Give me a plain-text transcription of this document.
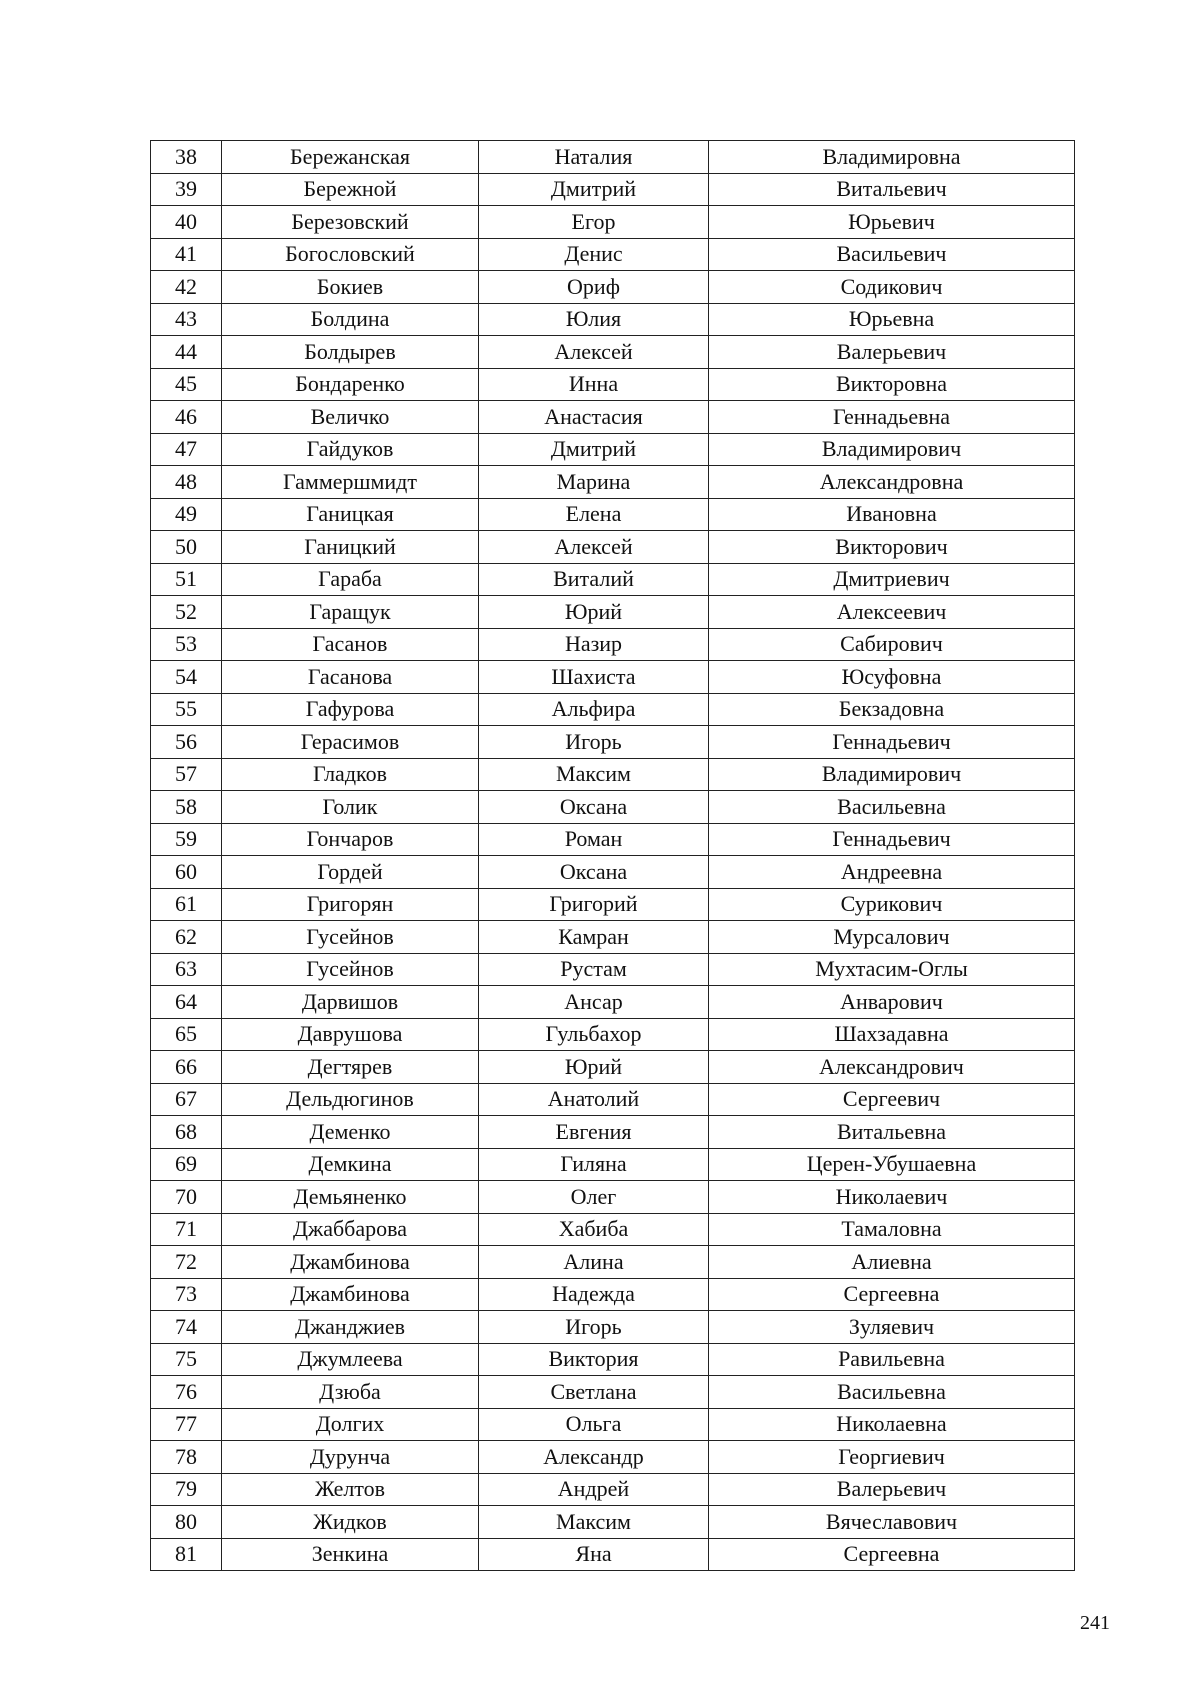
38	Бережанская	Наталия	Владимировна
39	Бережной	Дмитрий	Витальевич
40	Березовский	Егор	Юрьевич
41	Богословский	Денис	Васильевич
42	Бокиев	Ориф	Содикович
43	Болдина	Юлия	Юрьевна
44	Болдырев	Алексей	Валерьевич
45	Бондаренко	Инна	Викторовна
46	Величко	Анастасия	Геннадьевна
47	Гайдуков	Дмитрий	Владимирович
48	Гаммершмидт	Марина	Александровна
49	Ганицкая	Елена	Ивановна
50	Ганицкий	Алексей	Викторович
51	Гараба	Виталий	Дмитриевич
52	Гаращук	Юрий	Алексеевич
53	Гасанов	Назир	Сабирович
54	Гасанова	Шахиста	Юсуфовна
55	Гафурова	Альфира	Бекзадовна
56	Герасимов	Игорь	Геннадьевич
57	Гладков	Максим	Владимирович
58	Голик	Оксана	Васильевна
59	Гончаров	Роман	Геннадьевич
60	Гордей	Оксана	Андреевна
61	Григорян	Григорий	Сурикович
62	Гусейнов	Камран	Мурсалович
63	Гусейнов	Рустам	Мухтасим-Оглы
64	Дарвишов	Ансар	Анварович
65	Даврушова	Гульбахор	Шахзадавна
66	Дегтярев	Юрий	Александрович
67	Дельдюгинов	Анатолий	Сергеевич
68	Деменко	Евгения	Витальевна
69	Демкина	Гиляна	Церен-Убушаевна
70	Демьяненко	Олег	Николаевич
71	Джаббарова	Хабиба	Тамаловна
72	Джамбинова	Алина	Алиевна
73	Джамбинова	Надежда	Сергеевна
74	Джанджиев	Игорь	Зуляевич
75	Джумлеева	Виктория	Равильевна
76	Дзюба	Светлана	Васильевна
77	Долгих	Ольга	Николаевна
78	Дурунча	Александр	Георгиевич
79	Желтов	Андрей	Валерьевич
80	Жидков	Максим	Вячеславович
81	Зенкина	Яна	Сергеевна
241
